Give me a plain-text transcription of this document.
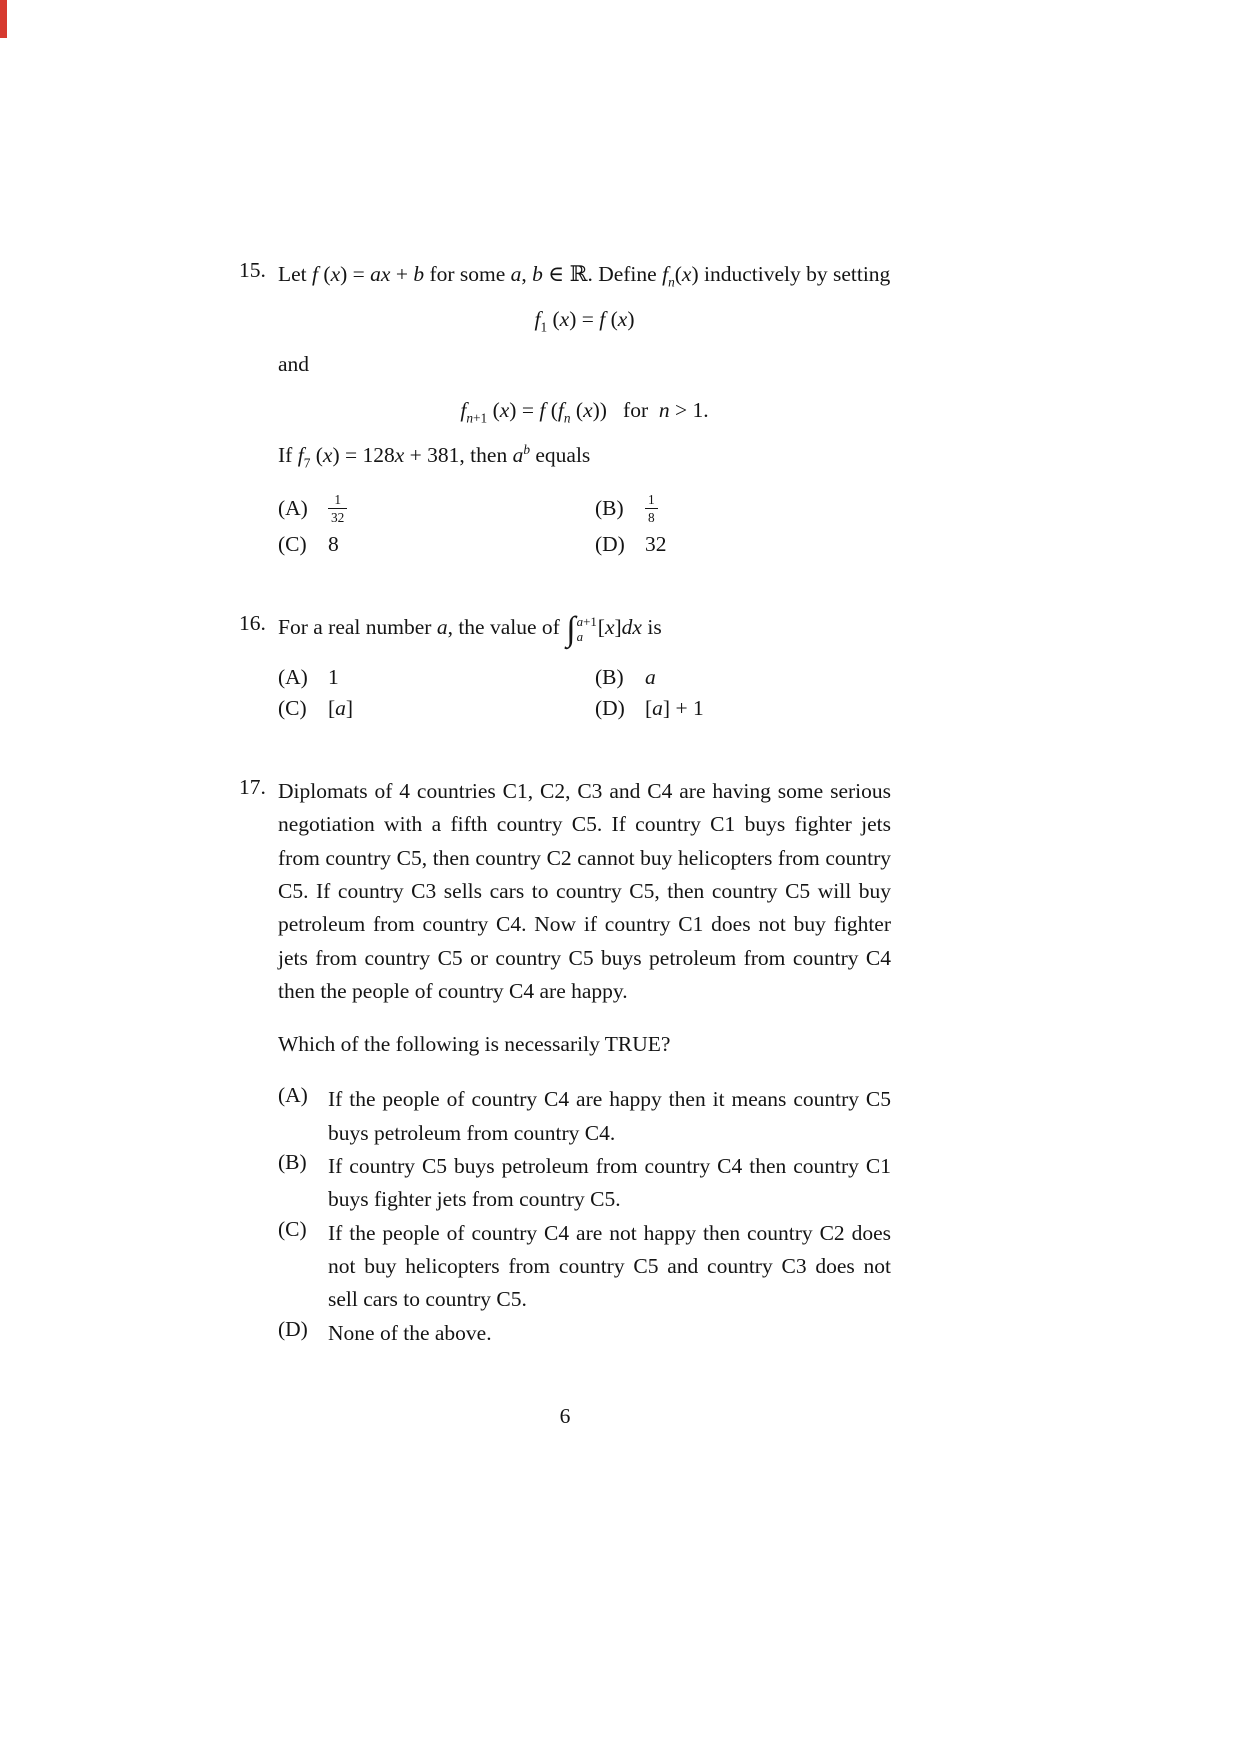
15. Let f (x) = ax + b for some a, b ∈ ℝ. Define $f_n(x)$ inductively by setting

$f_1$ (x) = f (x)

and

$f_{n+1}$ (x) = f ($f_n$ (x))   for  n > 1.

If $f_7$ (x) = 128x + 381, then $a^b$ equals

(A)	$\frac{1}{32}$	(B)	$\frac{1}{8}$
(C) 8	(D) 32
16. For a real number a, the value of ∫ a+1
a [x]dx is

(A) 1	(B) a
(C) [a]	(D) [a] + 1
17. Diplomats of 4 countries C1, C2, C3 and C4 are having some serious negotiation with a fifth country C5. If country C1 buys fighter jets from country C5, then country C2 cannot buy helicopters from country C5. If country C3 sells cars to country C5, then country C5 will buy petroleum from country C4. Now if country C1 does not buy fighter jets from country C5 or country C5 buys petroleum from country C4 then the people of country C4 are happy.

Which of the following is necessarily TRUE?

(A) If the people of country C4 are happy then it means country C5 buys petroleum from country C4.
(B) If country C5 buys petroleum from country C4 then country C1 buys fighter jets from country C5.
(C) If the people of country C4 are not happy then country C2 does not buy helicopters from country C5 and country C3 does not sell cars to country C5.
(D) None of the above.
6
